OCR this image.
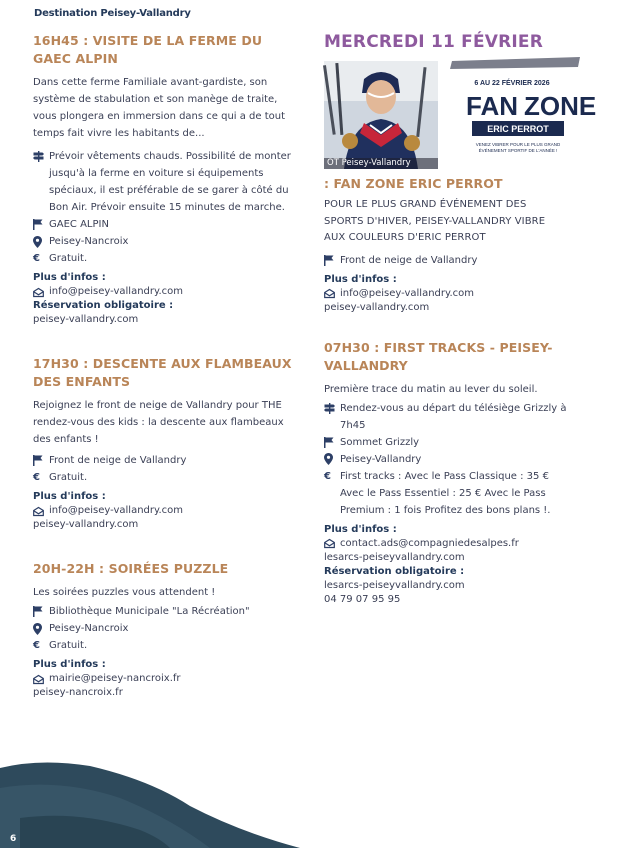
Destination Peisey-Vallandry
16H45 : VISITE DE LA FERME DU GAEC ALPIN
Dans cette ferme Familiale avant-gardiste, son système de stabulation et son manège de traite, vous plongera en immersion dans ce qui a de tout temps fait vivre les habitants de...
Prévoir vêtements chauds. Possibilité de monter jusqu'à la ferme en voiture si équipements spéciaux, il est préférable de se garer à côté du Bon Air. Prévoir ensuite 15 minutes de marche.
GAEC ALPIN
Peisey-Nancroix
€ Gratuit.
Plus d'infos :
info@peisey-vallandry.com
Réservation obligatoire :
peisey-vallandry.com
17H30 : DESCENTE AUX FLAMBEAUX DES ENFANTS
Rejoignez le front de neige de Vallandry pour THE rendez-vous des kids : la descente aux flambeaux des enfants !
Front de neige de Vallandry
€ Gratuit.
Plus d'infos :
info@peisey-vallandry.com
peisey-vallandry.com
20H-22H : SOIRÉES PUZZLE
Les soirées puzzles vous attendent !
Bibliothèque Municipale "La Récréation"
Peisey-Nancroix
€ Gratuit.
Plus d'infos :
mairie@peisey-nancroix.fr
peisey-nancroix.fr
MERCREDI 11 FÉVRIER
OT Peisey-Vallandry
6 AU 22 FÉVRIER 2026
FAN ZONE
ERIC PERROT
VENEZ VIBRER POUR LE PLUS GRAND
ÉVÉNEMENT SPORTIF DE L'ANNÉE !
: FAN ZONE ERIC PERROT
POUR LE PLUS GRAND ÉVÉNEMENT DES SPORTS D'HIVER, PEISEY-VALLANDRY VIBRE AUX COULEURS D'ERIC PERROT
Front de neige de Vallandry
Plus d'infos :
info@peisey-vallandry.com
peisey-vallandry.com
07H30 : FIRST TRACKS - PEISEY-VALLANDRY
Première trace du matin au lever du soleil.
Rendez-vous au départ du télésiège Grizzly à 7h45
Sommet Grizzly
Peisey-Vallandry
€ First tracks : Avec le Pass Classique : 35 € Avec le Pass Essentiel : 25 € Avec le Pass Premium : 1 fois Profitez des bons plans !.
Plus d'infos :
contact.ads@compagniedesalpes.fr
lesarcs-peiseyvallandry.com
Réservation obligatoire :
lesarcs-peiseyvallandry.com
04 79 07 95 95
6
